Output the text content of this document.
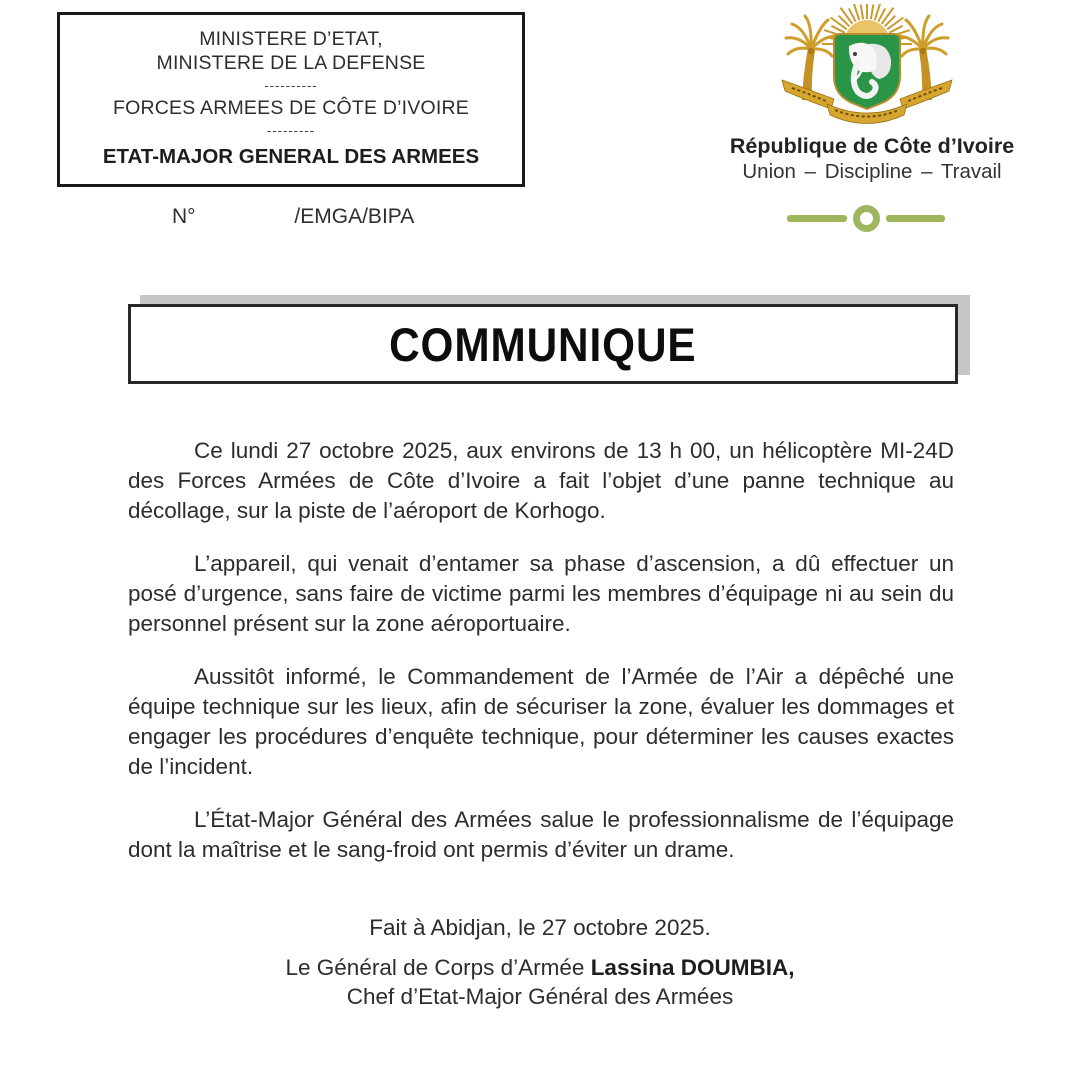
MINISTERE D’ETAT,
MINISTERE DE LA DEFENSE
----------
FORCES ARMEES DE CÔTE D’IVOIRE
---------
ETAT-MAJOR GENERAL DES ARMEES
N°	/EMGA/BIPA
République de Côte d’Ivoire
Union – Discipline – Travail
COMMUNIQUE

Ce lundi 27 octobre 2025, aux environs de 13 h 00, un hélicoptère MI-24D des Forces Armées de Côte d’Ivoire a fait l’objet d’une panne technique au décollage, sur la piste de l’aéroport de Korhogo.

L’appareil, qui venait d’entamer sa phase d’ascension, a dû effectuer un posé d’urgence, sans faire de victime parmi les membres d’équipage ni au sein du personnel présent sur la zone aéroportuaire.

Aussitôt informé, le Commandement de l’Armée de l’Air a dépêché une équipe technique sur les lieux, afin de sécuriser la zone, évaluer les dommages et engager les procédures d’enquête technique, pour déterminer les causes exactes de l’incident.

L’État-Major Général des Armées salue le professionnalisme de l’équipage dont la maîtrise et le sang-froid ont permis d’éviter un drame.

Fait à Abidjan, le 27 octobre 2025.
Le Général de Corps d’Armée Lassina DOUMBIA,
Chef d’Etat-Major Général des Armées
